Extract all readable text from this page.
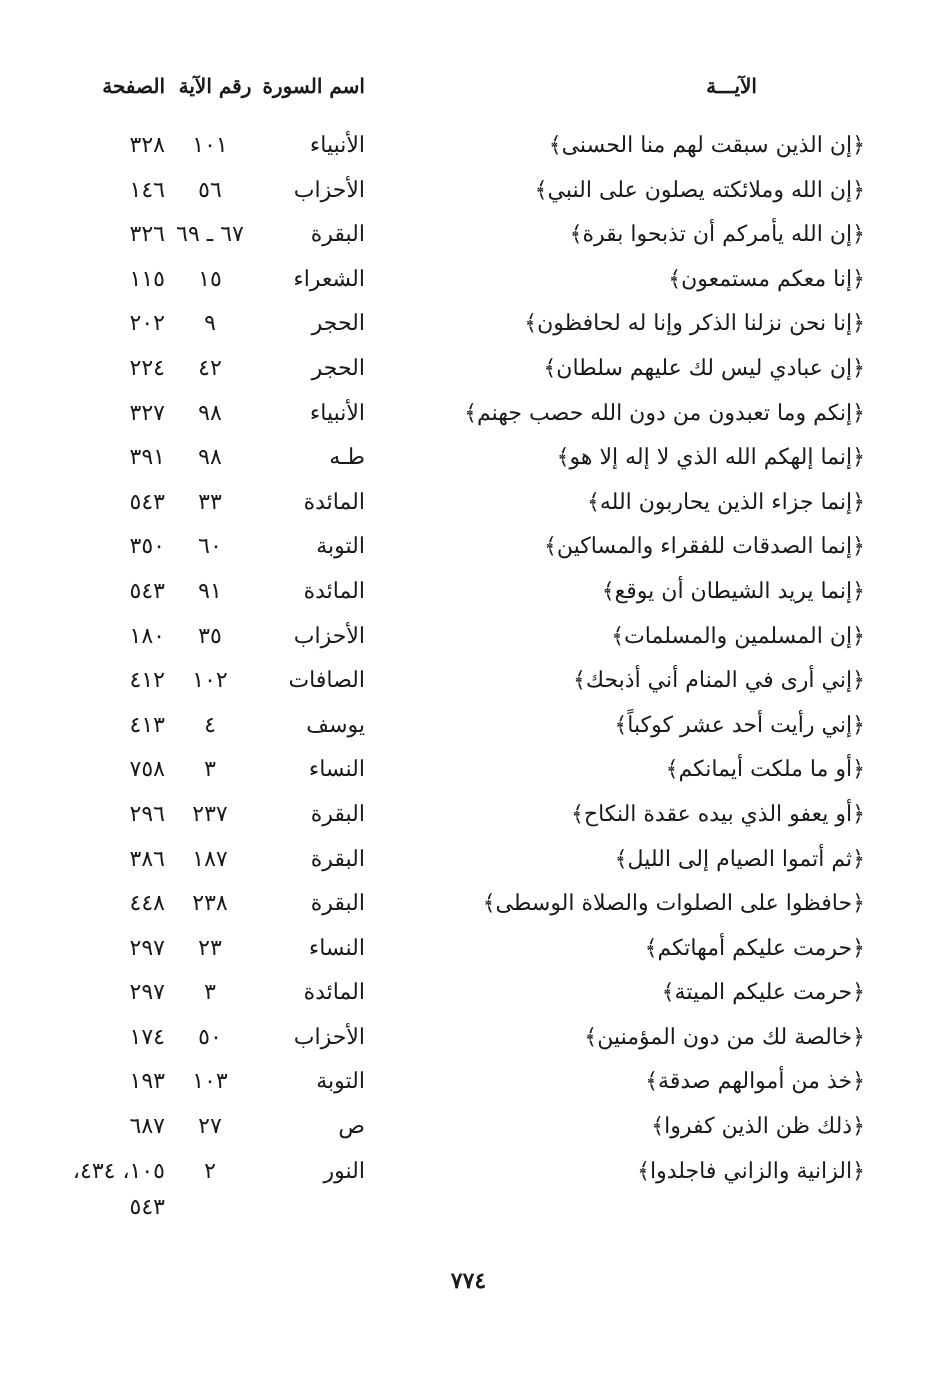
الآيـــة
اسم السورة
رقم الآية
الصفحة
﴿إن الذين سبقت لهم منا الحسنى﴾
الأنبياء
١٠١
٣٢٨
﴿إن الله وملائكته يصلون على النبي﴾
الأحزاب
٥٦
١٤٦
﴿إن الله يأمركم أن تذبحوا بقرة﴾
البقرة
٦٧ ـ ٦٩
٣٢٦
﴿إنا معكم مستمعون﴾
الشعراء
١٥
١١٥
﴿إنا نحن نزلنا الذكر وإنا له لحافظون﴾
الحجر
٩
٢٠٢
﴿إن عبادي ليس لك عليهم سلطان﴾
الحجر
٤٢
٢٢٤
﴿إنكم وما تعبدون من دون الله حصب جهنم﴾
الأنبياء
٩٨
٣٢٧
﴿إنما إلهكم الله الذي لا إله إلا هو﴾
طـه
٩٨
٣٩١
﴿إنما جزاء الذين يحاربون الله﴾
المائدة
٣٣
٥٤٣
﴿إنما الصدقات للفقراء والمساكين﴾
التوبة
٦٠
٣٥٠
﴿إنما يريد الشيطان أن يوقع﴾
المائدة
٩١
٥٤٣
﴿إن المسلمين والمسلمات﴾
الأحزاب
٣٥
١٨٠
﴿إني أرى في المنام أني أذبحك﴾
الصافات
١٠٢
٤١٢
﴿إني رأيت أحد عشر كوكباً﴾
يوسف
٤
٤١٣
﴿أو ما ملكت أيمانكم﴾
النساء
٣
٧٥٨
﴿أو يعفو الذي بيده عقدة النكاح﴾
البقرة
٢٣٧
٢٩٦
﴿ثم أتموا الصيام إلى الليل﴾
البقرة
١٨٧
٣٨٦
﴿حافظوا على الصلوات والصلاة الوسطى﴾
البقرة
٢٣٨
٤٤٨
﴿حرمت عليكم أمهاتكم﴾
النساء
٢٣
٢٩٧
﴿حرمت عليكم الميتة﴾
المائدة
٣
٢٩٧
﴿خالصة لك من دون المؤمنين﴾
الأحزاب
٥٠
١٧٤
﴿خذ من أموالهم صدقة﴾
التوبة
١٠٣
١٩٣
﴿ذلك ظن الذين كفروا﴾
ص
٢٧
٦٨٧
﴿الزانية والزاني فاجلدوا﴾
النور
٢
١٠٥، ٤٣٤،
٥٤٣
٧٧٤
